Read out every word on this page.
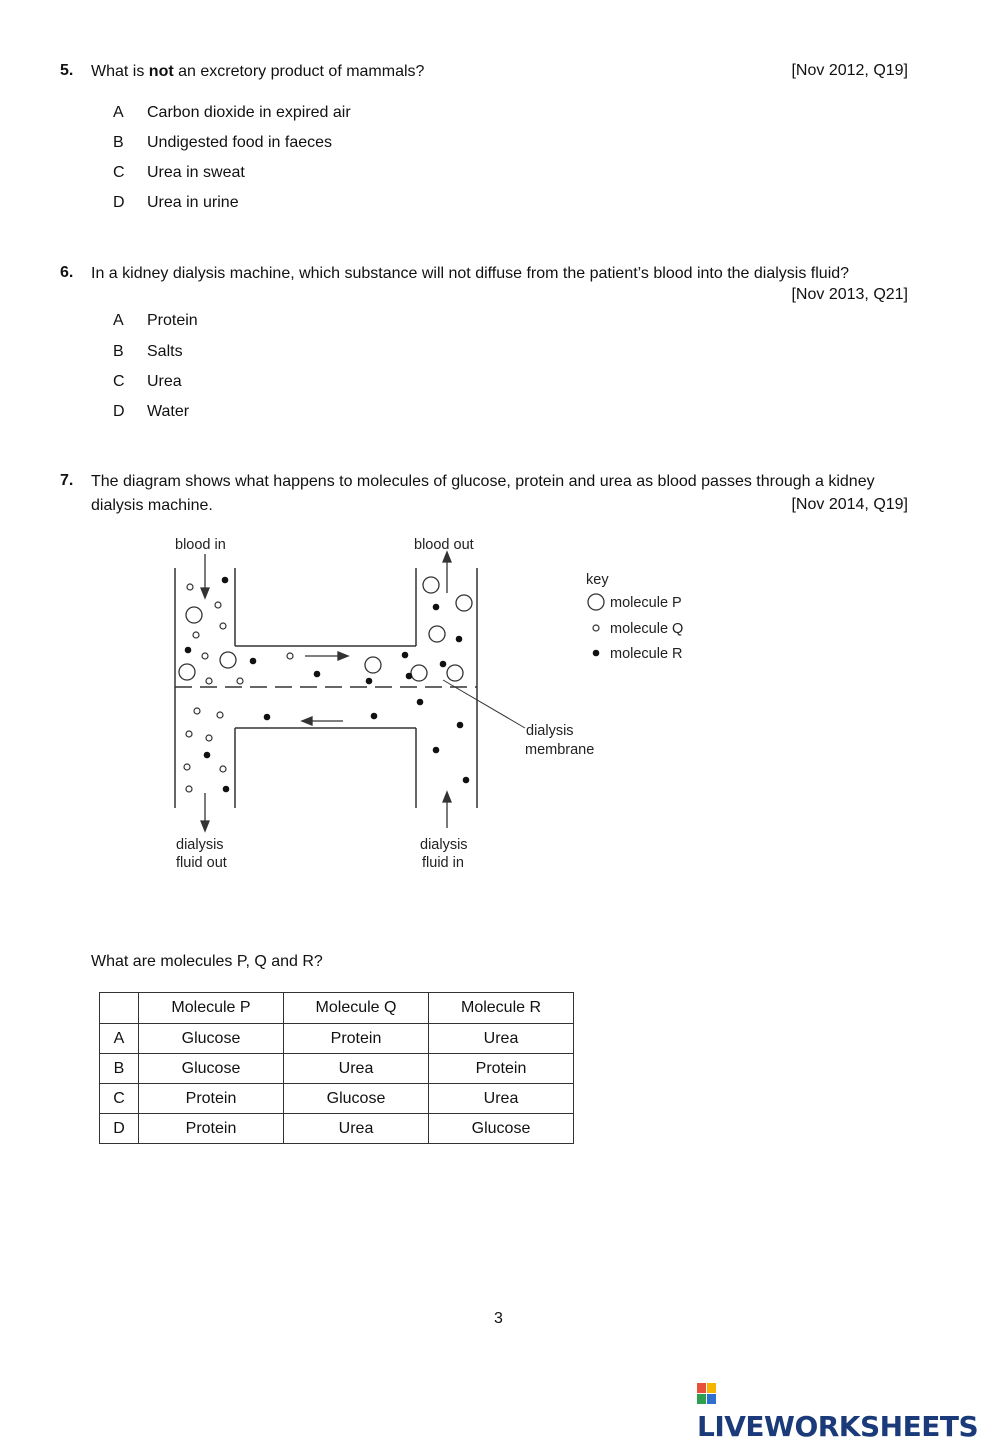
5. What is not an excretory product of mammals?	[Nov 2012, Q19]
A Carbon dioxide in expired air
B Undigested food in faeces
C Urea in sweat
D Urea in urine
6. In a kidney dialysis machine, which substance will not diffuse from the patient’s blood into the dialysis fluid?
[Nov 2013, Q21]
A Protein
B Salts
C Urea
D Water
7. The diagram shows what happens to molecules of glucose, protein and urea as blood passes through a kidney
dialysis machine.	[Nov 2014, Q19]
blood in	blood out
dialysis
fluid out
dialysis
fluid in
dialysis
membrane
key
molecule P
molecule Q
molecule R
What are molecules P, Q and R?
	Molecule P	Molecule Q	Molecule R
A	Glucose	Protein	Urea
B	Glucose	Urea	Protein
C	Protein	Glucose	Urea
D	Protein	Urea	Glucose
3
LIVEWORKSHEETS
